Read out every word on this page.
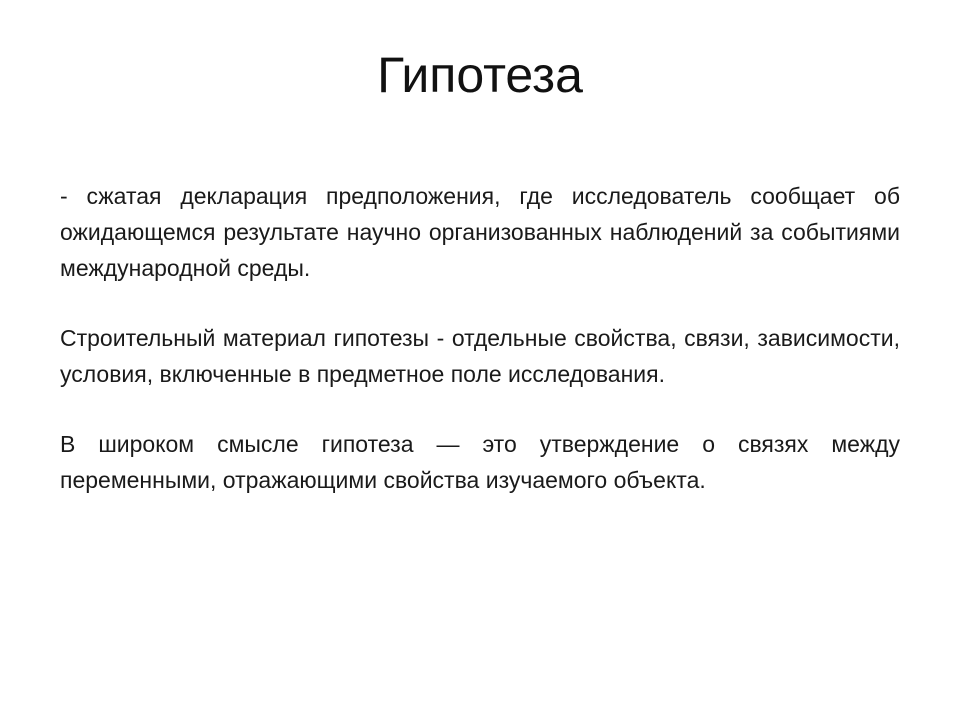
Гипотеза

- сжатая декларация предположения, где исследователь сообщает об ожидающемся результате научно организованных наблюдений за событиями международной среды.

Строительный материал гипотезы - отдельные свойства, связи, зависимости, условия, включенные в предметное поле исследования.

В широком смысле гипотеза — это утверждение о связях между переменными, отражающими свойства изучаемого объекта.
